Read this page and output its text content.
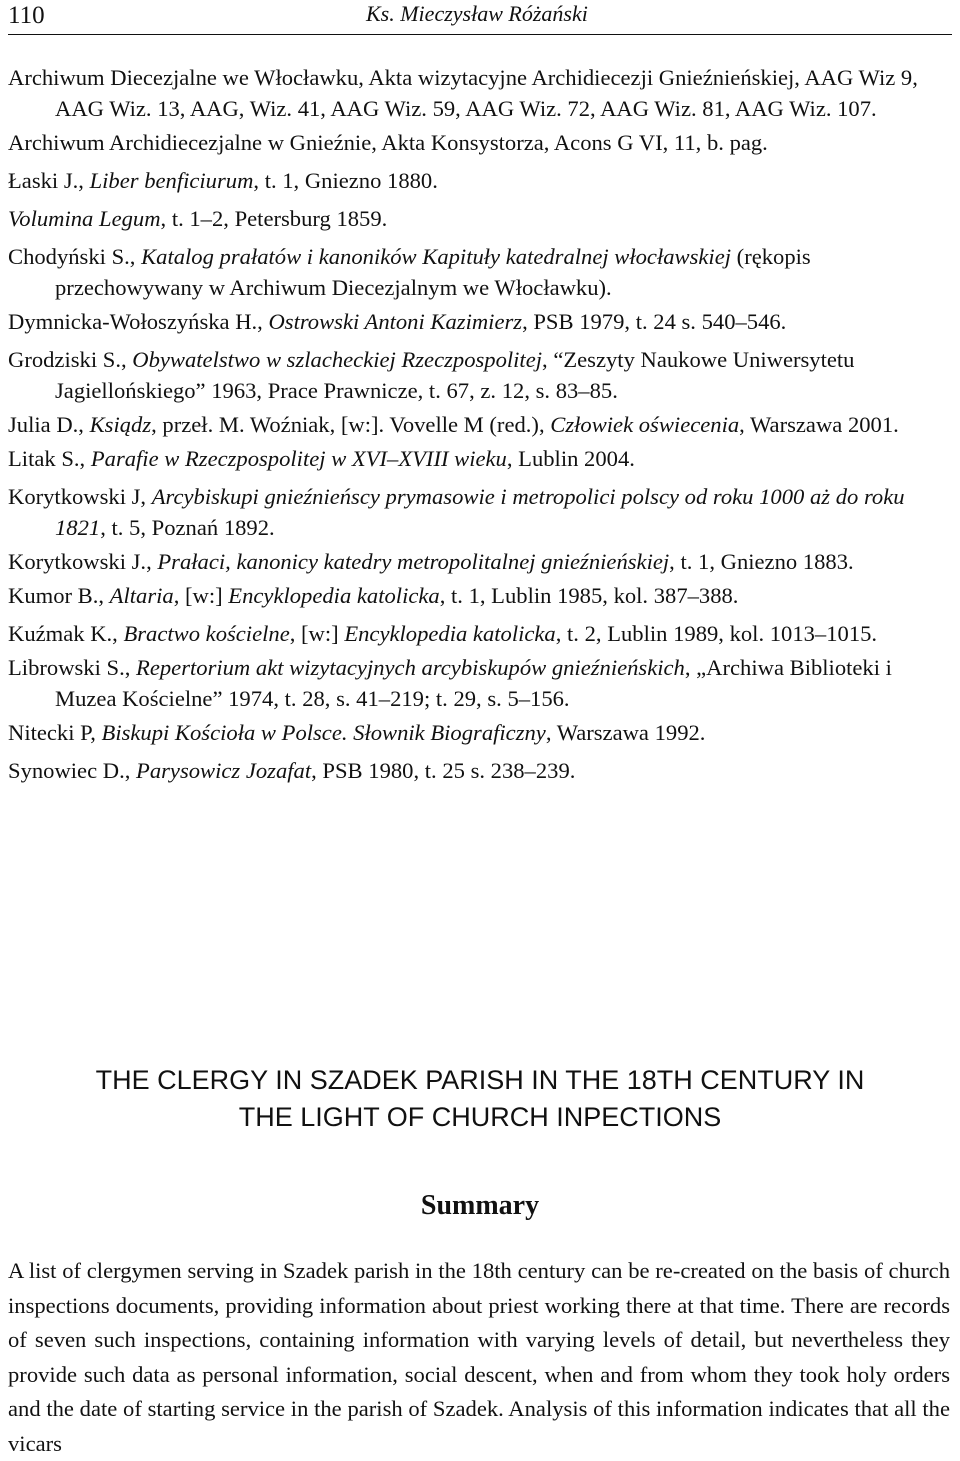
110	Ks. Mieczysław Różański
Archiwum Diecezjalne we Włocławku, Akta wizytacyjne Archidiecezji Gnieźnieńskiej, AAG Wiz 9, AAG Wiz. 13, AAG, Wiz. 41, AAG Wiz. 59, AAG Wiz. 72, AAG Wiz. 81, AAG Wiz. 107.
Archiwum Archidiecezjalne w Gnieźnie, Akta Konsystorza, Acons G VI, 11, b. pag.
Łaski J., Liber benficiurum, t. 1, Gniezno 1880.
Volumina Legum, t. 1–2, Petersburg 1859.
Chodyński S., Katalog prałatów i kanoników Kapituły katedralnej włocławskiej (rękopis przechowywany w Archiwum Diecezjalnym we Włocławku).
Dymnicka-Wołoszyńska H., Ostrowski Antoni Kazimierz, PSB 1979, t. 24 s. 540–546.
Grodziski S., Obywatelstwo w szlacheckiej Rzeczpospolitej, “Zeszyty Naukowe Uniwersytetu Jagiellońskiego” 1963, Prace Prawnicze, t. 67, z. 12, s. 83–85.
Julia D., Ksiądz, przeł. M. Woźniak, [w:]. Vovelle M (red.), Człowiek oświecenia, Warszawa 2001.
Litak S., Parafie w Rzeczpospolitej w XVI–XVIII wieku, Lublin 2004.
Korytkowski J, Arcybiskupi gnieźnieńscy prymasowie i metropolici polscy od roku 1000 aż do roku 1821, t. 5, Poznań 1892.
Korytkowski J., Prałaci, kanonicy katedry metropolitalnej gnieźnieńskiej, t. 1, Gniezno 1883.
Kumor B., Altaria, [w:] Encyklopedia katolicka, t. 1, Lublin 1985, kol. 387–388.
Kuźmak K., Bractwo kościelne, [w:] Encyklopedia katolicka, t. 2, Lublin 1989, kol. 1013–1015.
Librowski S., Repertorium akt wizytacyjnych arcybiskupów gnieźnieńskich, „Archiwa Biblioteki i Muzea Kościelne” 1974, t. 28, s. 41–219; t. 29, s. 5–156.
Nitecki P, Biskupi Kościoła w Polsce. Słownik Biograficzny, Warszawa 1992.
Synowiec D., Parysowicz Jozafat, PSB 1980, t. 25 s. 238–239.
THE CLERGY IN SZADEK PARISH IN THE 18TH CENTURY IN
THE LIGHT OF CHURCH INPECTIONS
Summary

A list of clergymen serving in Szadek parish in the 18th century can be re-created on the basis of church inspections documents, providing information about priest working there at that time. There are records of seven such inspections, containing information with varying levels of detail, but nevertheless they provide such data as personal information, social descent, when and from whom they took holy orders and the date of starting service in the parish of Szadek. Analysis of this information indicates that all the vicars
